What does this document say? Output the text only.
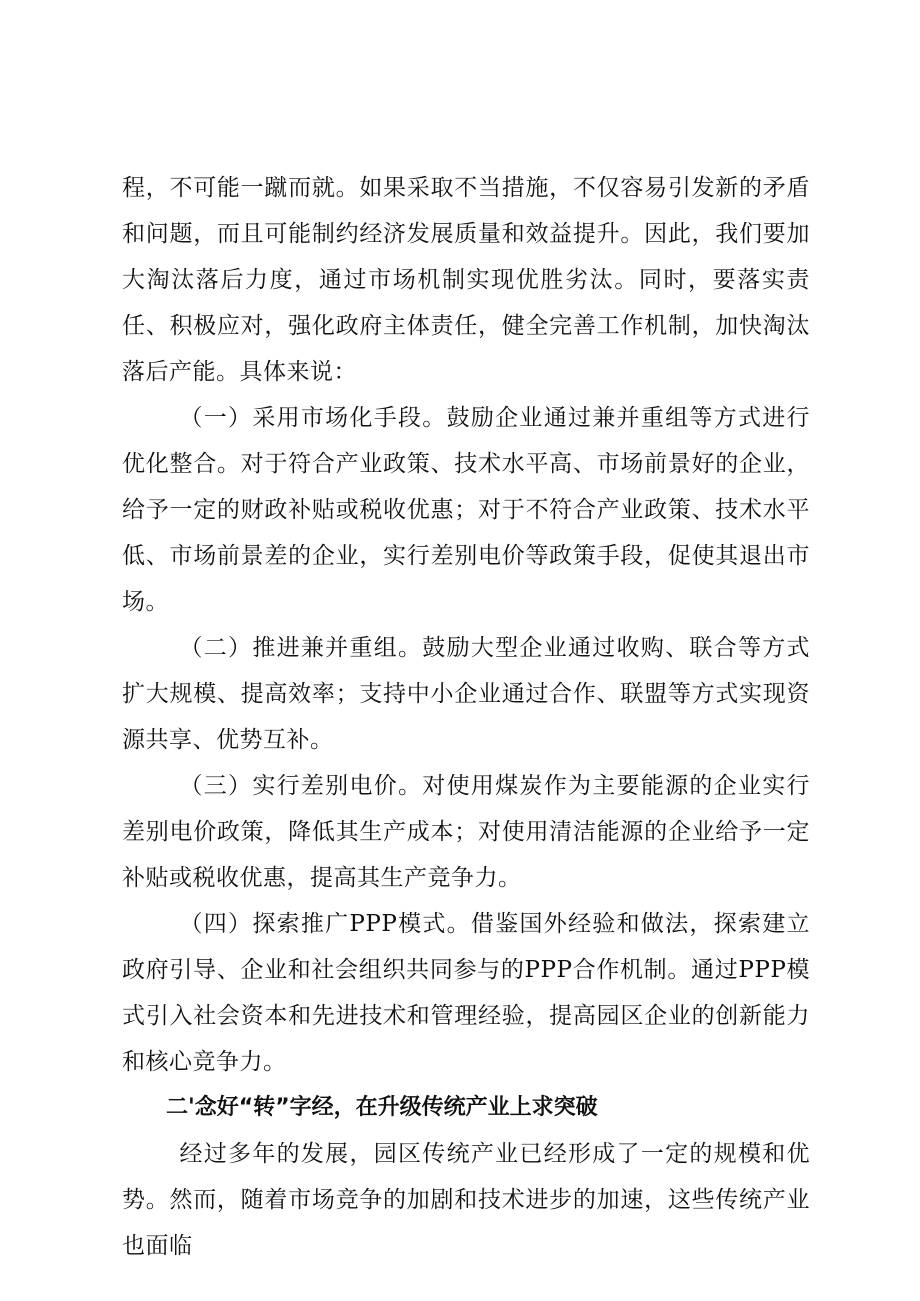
程，不可能一蹴而就。如果采取不当措施，不仅容易引发新的矛盾和问题，而且可能制约经济发展质量和效益提升。因此，我们要加大淘汰落后力度，通过市场机制实现优胜劣汰。同时，要落实责任、积极应对，强化政府主体责任，健全完善工作机制，加快淘汰落后产能。具体来说：

（一）采用市场化手段。鼓励企业通过兼并重组等方式进行优化整合。对于符合产业政策、技术水平高、市场前景好的企业，给予一定的财政补贴或税收优惠；对于不符合产业政策、技术水平低、市场前景差的企业，实行差别电价等政策手段，促使其退出市场。

（二）推进兼并重组。鼓励大型企业通过收购、联合等方式扩大规模、提高效率；支持中小企业通过合作、联盟等方式实现资源共享、优势互补。

（三）实行差别电价。对使用煤炭作为主要能源的企业实行差别电价政策，降低其生产成本；对使用清洁能源的企业给予一定补贴或税收优惠，提高其生产竞争力。

（四）探索推广PPP模式。借鉴国外经验和做法，探索建立政府引导、企业和社会组织共同参与的PPP合作机制。通过PPP模式引入社会资本和先进技术和管理经验，提高园区企业的创新能力和核心竞争力。

二'念好“转”字经，在升级传统产业上求突破

经过多年的发展，园区传统产业已经形成了一定的规模和优势。然而，随着市场竞争的加剧和技术进步的加速，这些传统产业也面临
